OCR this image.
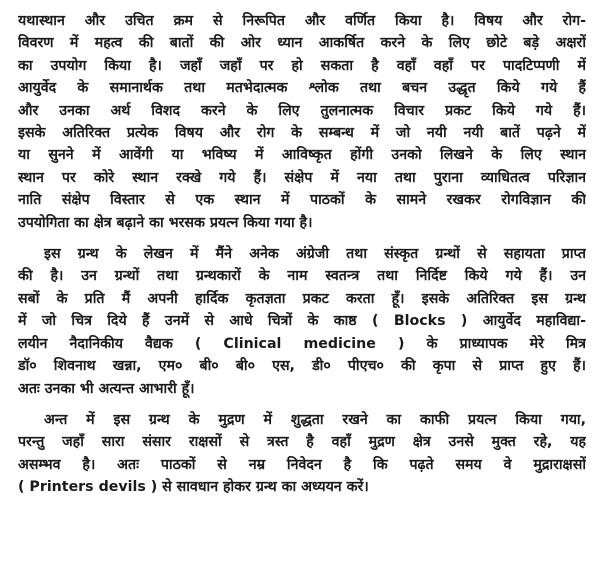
यथास्थान और उचित क्रम से निरूपित और वर्णित किया है। विषय और रोग-
विवरण में महत्व की बातों की ओर ध्यान आकर्षित करने के लिए छोटे बड़े अक्षरों
का उपयोग किया है। जहाँ जहाँ पर हो सकता है वहाँ वहाँ पर पादटिप्पणी में
आयुर्वेद के समानार्थक तथा मतभेदात्मक श्लोक तथा बचन उद्धृत किये गये हैं
और उनका अर्थ विशद करने के लिए तुलनात्मक विचार प्रकट किये गये हैं।
इसके अतिरिक्त प्रत्येक विषय और रोग के सम्बन्ध में जो नयी नयी बातें पढ़ने में
या सुनने में आवेंगी या भविष्य में आविष्कृत होंगी उनको लिखने के लिए स्थान
स्थान पर कोरे स्थान रक्खे गये हैं। संक्षेप में नया तथा पुराना व्याधितत्व परिज्ञान
नाति संक्षेप विस्तार से एक स्थान में पाठकों के सामने रखकर रोगविज्ञान की
उपयोगिता का क्षेत्र बढ़ाने का भरसक प्रयत्न किया गया है।

इस ग्रन्थ के लेखन में मैंने अनेक अंग्रेजी तथा संस्कृत ग्रन्थों से सहायता प्राप्त
की है। उन ग्रन्थों तथा ग्रन्थकारों के नाम स्वतन्त्र तथा निर्दिष्ट किये गये हैं। उन
सबों के प्रति मैं अपनी हार्दिक कृतज्ञता प्रकट करता हूँ। इसके अतिरिक्त इस ग्रन्थ
में जो चित्र दिये हैं उनमें से आधे चित्रों के काष्ठ ( Blocks ) आयुर्वेद महाविद्या-
लयीन नैदानिकीय वैद्यक ( Clinical medicine ) के प्राध्यापक मेरे मित्र
डॉ० शिवनाथ खन्ना, एम० बी० बी० एस, डी० पीएच० की कृपा से प्राप्त हुए हैं।
अतः उनका भी अत्यन्त आभारी हूँ।

अन्त में इस ग्रन्थ के मुद्रण में शुद्धता रखने का काफी प्रयत्न किया गया,
परन्तु जहाँ सारा संसार राक्षसों से त्रस्त है वहाँ मुद्रण क्षेत्र उनसे मुक्त रहे, यह
असम्भव है। अतः पाठकों से नम्र निवेदन है कि पढ़ते समय वे मुद्राराक्षसों
( Printers devils ) से सावधान होकर ग्रन्थ का अध्ययन करें।
